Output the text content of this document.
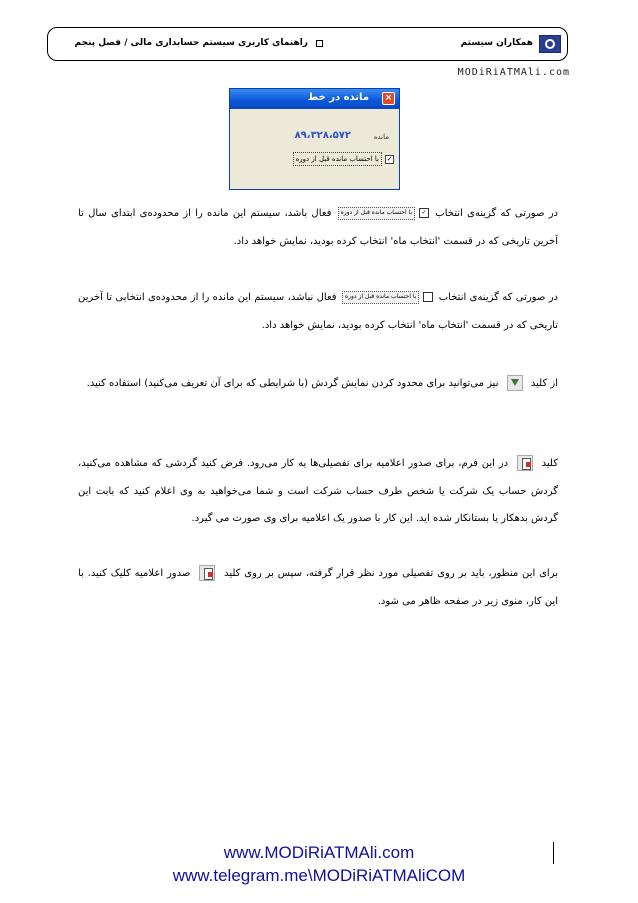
همکاران سیستم
راهنمای کاربری سیستم حسابداری مالی / فصل پنجم
MODiRiATMAli.com
×
مانده در خط
مانده
۸۹،۳۲۸،۵۷۲
✓
با احتساب مانده قبل از دوره
در صورتی که گزینه‌ی انتخاب ✓با احتساب مانده قبل از دوره فعال باشد، سیستم این مانده را از محدوده‌ی ابتدای سال تا آخرین تاریخی که در قسمت 'انتخاب ماه' انتخاب کرده بودید، نمایش خواهد داد.
در صورتی که گزینه‌ی انتخاب با احتساب مانده قبل از دوره فعال نباشد، سیستم این مانده را از محدوده‌ی انتخابی تا آخرین تاریخی که در قسمت 'انتخاب ماه' انتخاب کرده بودید، نمایش خواهد داد.
از کلید  نیز می‌توانید برای محدود کردن نمایش گردش (با شرایطی که برای آن تعریف می‌کنید) استفاده کنید.
کلید  در این فرم، برای صدور اعلامیه برای تفصیلی‌ها به کار می‌رود. فرض کنید گردشی که مشاهده می‌کنید، گردش حساب یک شرکت یا شخص طرف حساب شرکت است و شما می‌خواهید به وی اعلام کنید که بابت این گردش بدهکار یا بستانکار شده اید. این کار با صدور یک اعلامیه برای وی صورت می گیرد.
برای این منظور، باید بر روی تفصیلی مورد نظر قرار گرفته، سپس بر روی کلید  صدور اعلامیه کلیک کنید. با این کار، منوی زیر در صفحه ظاهر می شود.
www.MODiRiATMAli.com
www.telegram.me\MODiRiATMAliCOM
